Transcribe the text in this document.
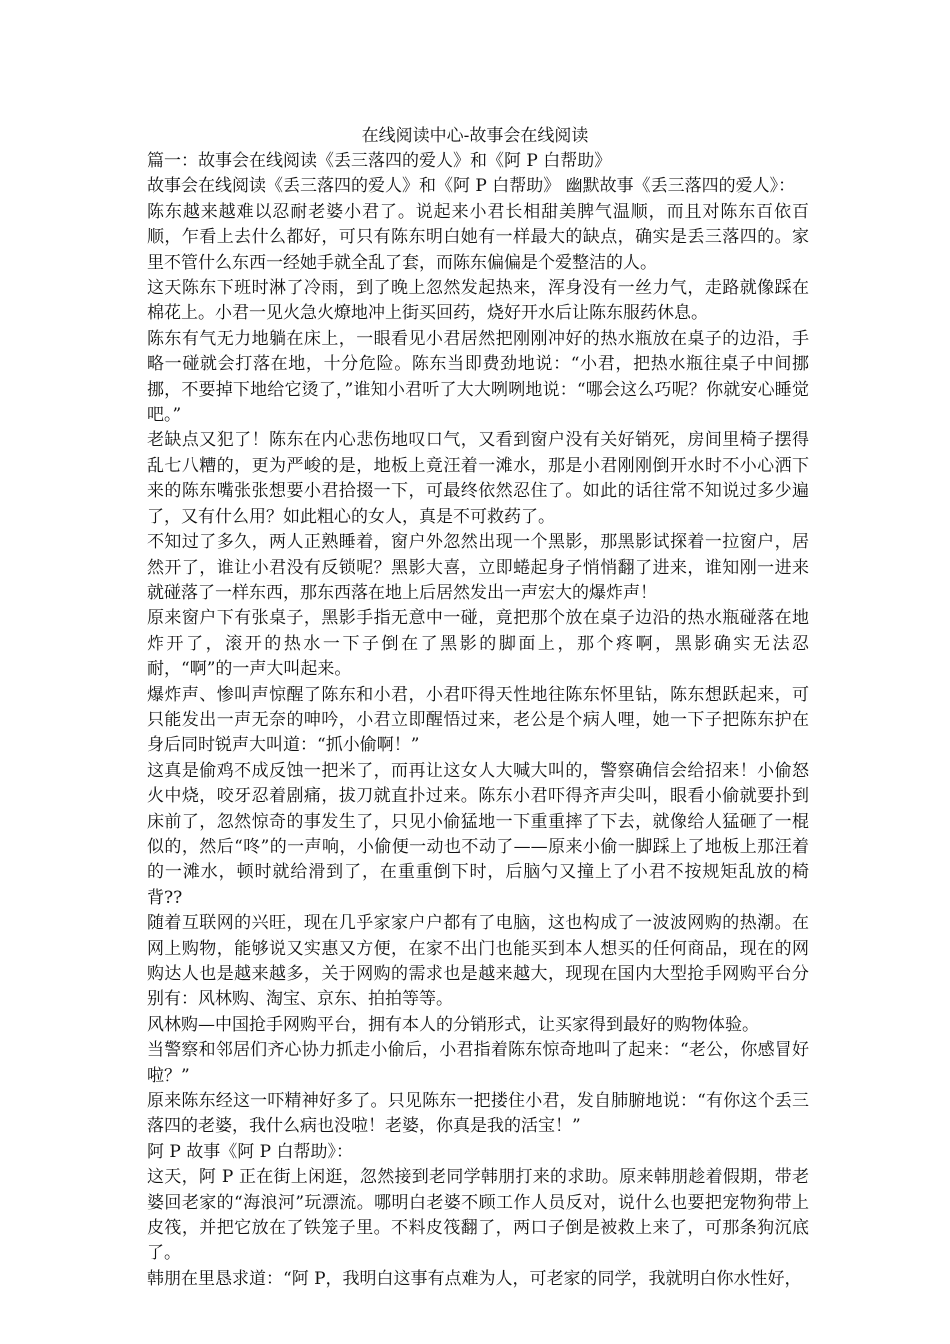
在线阅读中心-故事会在线阅读

篇一：故事会在线阅读《丢三落四的爱人》和《阿 P 白帮助》

故事会在线阅读《丢三落四的爱人》和《阿 P 白帮助》 幽默故事《丢三落四的爱人》：

陈东越来越难以忍耐老婆小君了。说起来小君长相甜美脾气温顺，而且对陈东百依百顺，乍看上去什么都好，可只有陈东明白她有一样最大的缺点，确实是丢三落四的。家里不管什么东西一经她手就全乱了套，而陈东偏偏是个爱整洁的人。

这天陈东下班时淋了冷雨，到了晚上忽然发起热来，浑身没有一丝力气，走路就像踩在棉花上。小君一见火急火燎地冲上街买回药，烧好开水后让陈东服药休息。

陈东有气无力地躺在床上，一眼看见小君居然把刚刚冲好的热水瓶放在桌子的边沿，手略一碰就会打落在地，十分危险。陈东当即费劲地说：“小君，把热水瓶往桌子中间挪挪，不要掉下地给它烫了，”谁知小君听了大大咧咧地说：“哪会这么巧呢？你就安心睡觉吧。”

老缺点又犯了！陈东在内心悲伤地叹口气，又看到窗户没有关好销死，房间里椅子摆得乱七八糟的，更为严峻的是，地板上竟汪着一滩水，那是小君刚刚倒开水时不小心洒下来的陈东嘴张张想要小君拾掇一下，可最终依然忍住了。如此的话往常不知说过多少遍了，又有什么用？如此粗心的女人，真是不可救药了。

不知过了多久，两人正熟睡着，窗户外忽然出现一个黑影，那黑影试探着一拉窗户，居然开了，谁让小君没有反锁呢？黑影大喜，立即蜷起身子悄悄翻了进来，谁知刚一进来就碰落了一样东西，那东西落在地上后居然发出一声宏大的爆炸声！

原来窗户下有张桌子，黑影手指无意中一碰，竟把那个放在桌子边沿的热水瓶碰落在地炸开了，滚开的热水一下子倒在了黑影的脚面上，那个疼啊，黑影确实无法忍耐，“啊”的一声大叫起来。

爆炸声、惨叫声惊醒了陈东和小君，小君吓得天性地往陈东怀里钻，陈东想跃起来，可只能发出一声无奈的呻吟，小君立即醒悟过来，老公是个病人哩，她一下子把陈东护在身后同时锐声大叫道：“抓小偷啊！”

这真是偷鸡不成反蚀一把米了，而再让这女人大喊大叫的，警察确信会给招来！小偷怒火中烧，咬牙忍着剧痛，拔刀就直扑过来。陈东小君吓得齐声尖叫，眼看小偷就要扑到床前了，忽然惊奇的事发生了，只见小偷猛地一下重重摔了下去，就像给人猛砸了一棍似的，然后“咚”的一声响，小偷便一动也不动了——原来小偷一脚踩上了地板上那汪着的一滩水，顿时就给滑到了，在重重倒下时，后脑勺又撞上了小君不按规矩乱放的椅背??

随着互联网的兴旺，现在几乎家家户户都有了电脑，这也构成了一波波网购的热潮。在网上购物，能够说又实惠又方便，在家不出门也能买到本人想买的任何商品，现在的网购达人也是越来越多，关于网购的需求也是越来越大，现现在国内大型抢手网购平台分别有：风林购、淘宝、京东、拍拍等等。

风林购—中国抢手网购平台，拥有本人的分销形式，让买家得到最好的购物体验。

当警察和邻居们齐心协力抓走小偷后，小君指着陈东惊奇地叫了起来：“老公，你感冒好啦？”

原来陈东经这一吓精神好多了。只见陈东一把搂住小君，发自肺腑地说：“有你这个丢三落四的老婆，我什么病也没啦！老婆，你真是我的活宝！”

阿 P 故事《阿 P 白帮助》：

这天，阿 P 正在街上闲逛，忽然接到老同学韩朋打来的求助。原来韩朋趁着假期，带老婆回老家的“海浪河”玩漂流。哪明白老婆不顾工作人员反对，说什么也要把宠物狗带上皮筏，并把它放在了铁笼子里。不料皮筏翻了，两口子倒是被救上来了，可那条狗沉底了。

韩朋在里恳求道：“阿 P，我明白这事有点难为人，可老家的同学，我就明白你水性好，
